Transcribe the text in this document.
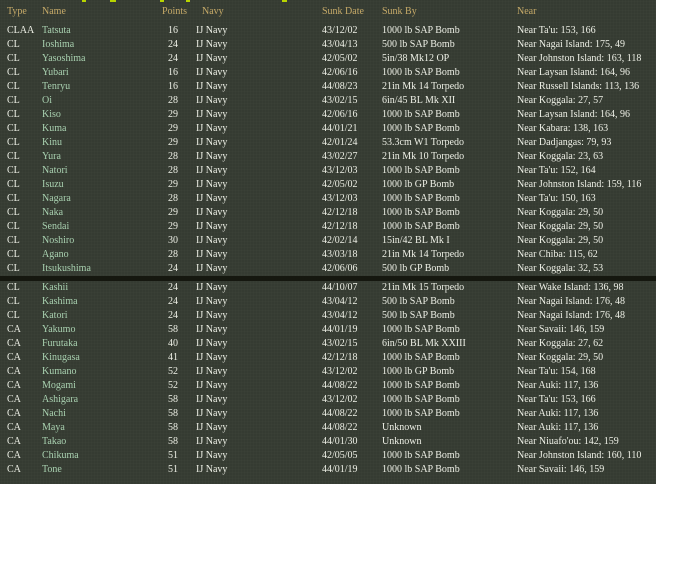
Type Name	Points Navy	Sunk Date Sunk By	Near
CLAA Tatsuta	16 IJ Navy	43/12/02 1000 lb SAP Bomb	Near Ta'u: 153, 166
CL Ioshima	24 IJ Navy	43/04/13 500 lb SAP Bomb	Near Nagai Island: 175, 49
CL Yasoshima	24 IJ Navy	42/05/02 5in/38 Mk12 OP	Near Johnston Island: 163, 118
CL Yubari	16 IJ Navy	42/06/16 1000 lb SAP Bomb	Near Laysan Island: 164, 96
CL Tenryu	16 IJ Navy	44/08/23 21in Mk 14 Torpedo	Near Russell Islands: 113, 136
CL Oi	28 IJ Navy	43/02/15 6in/45 BL Mk XII	Near Koggala: 27, 57
CL Kiso	29 IJ Navy	42/06/16 1000 lb SAP Bomb	Near Laysan Island: 164, 96
CL Kuma	29 IJ Navy	44/01/21 1000 lb SAP Bomb	Near Kabara: 138, 163
CL Kinu	29 IJ Navy	42/01/24 53.3cm W1 Torpedo	Near Dadjangas: 79, 93
CL Yura	28 IJ Navy	43/02/27 21in Mk 10 Torpedo	Near Koggala: 23, 63
CL Natori	28 IJ Navy	43/12/03 1000 lb SAP Bomb	Near Ta'u: 152, 164
CL Isuzu	29 IJ Navy	42/05/02 1000 lb GP Bomb	Near Johnston Island: 159, 116
CL Nagara	28 IJ Navy	43/12/03 1000 lb SAP Bomb	Near Ta'u: 150, 163
CL Naka	29 IJ Navy	42/12/18 1000 lb SAP Bomb	Near Koggala: 29, 50
CL Sendai	29 IJ Navy	42/12/18 1000 lb SAP Bomb	Near Koggala: 29, 50
CL Noshiro	30 IJ Navy	42/02/14 15in/42 BL Mk I	Near Koggala: 29, 50
CL Agano	28 IJ Navy	43/03/18 21in Mk 14 Torpedo	Near Chiba: 115, 62
CL Itsukushima	24 IJ Navy	42/06/06 500 lb GP Bomb	Near Koggala: 32, 53
CL Kashii	24 IJ Navy	44/10/07 21in Mk 15 Torpedo	Near Wake Island: 136, 98
CL Kashima	24 IJ Navy	43/04/12 500 lb SAP Bomb	Near Nagai Island: 176, 48
CL Katori	24 IJ Navy	43/04/12 500 lb SAP Bomb	Near Nagai Island: 176, 48
CA Yakumo	58 IJ Navy	44/01/19 1000 lb SAP Bomb	Near Savaii: 146, 159
CA Furutaka	40 IJ Navy	43/02/15 6in/50 BL Mk XXIII	Near Koggala: 27, 62
CA Kinugasa	41 IJ Navy	42/12/18 1000 lb SAP Bomb	Near Koggala: 29, 50
CA Kumano	52 IJ Navy	43/12/02 1000 lb GP Bomb	Near Ta'u: 154, 168
CA Mogami	52 IJ Navy	44/08/22 1000 lb SAP Bomb	Near Auki: 117, 136
CA Ashigara	58 IJ Navy	43/12/02 1000 lb SAP Bomb	Near Ta'u: 153, 166
CA Nachi	58 IJ Navy	44/08/22 1000 lb SAP Bomb	Near Auki: 117, 136
CA Maya	58 IJ Navy	44/08/22 Unknown	Near Auki: 117, 136
CA Takao	58 IJ Navy	44/01/30 Unknown	Near Niuafo'ou: 142, 159
CA Chikuma	51 IJ Navy	42/05/05 1000 lb SAP Bomb	Near Johnston Island: 160, 110
CA Tone	51 IJ Navy	44/01/19 1000 lb SAP Bomb	Near Savaii: 146, 159
